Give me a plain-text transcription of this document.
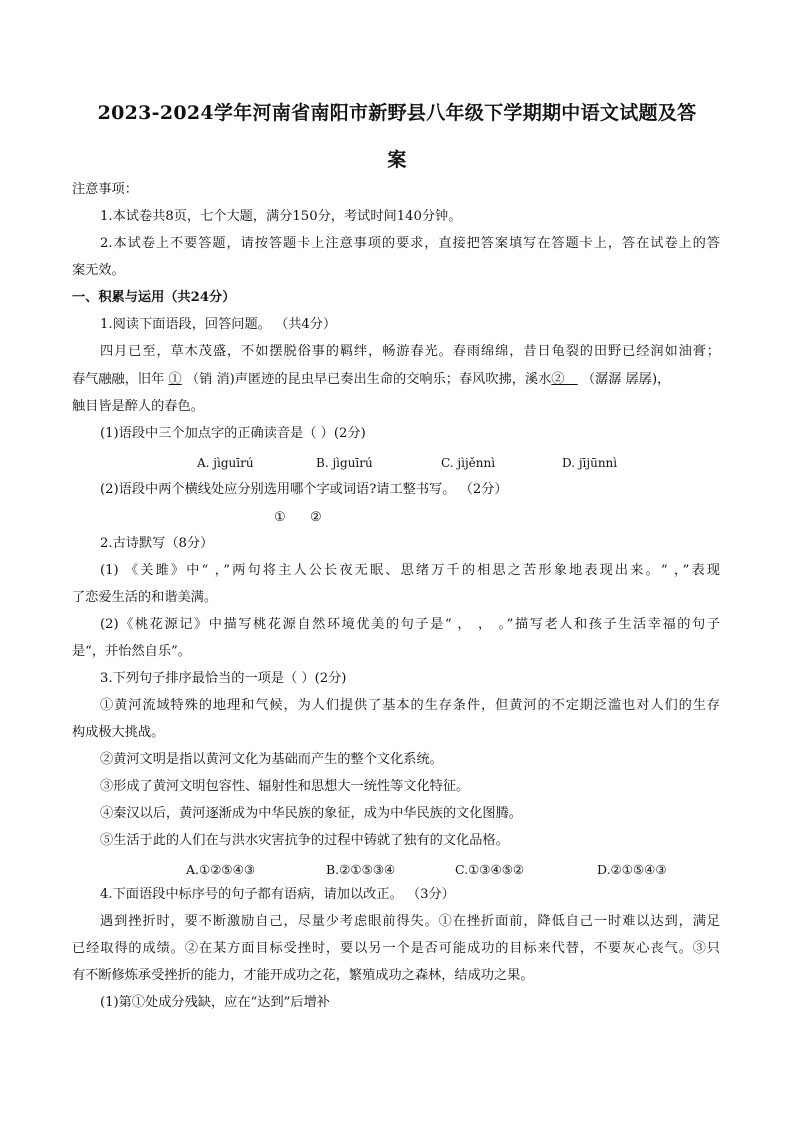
2023-2024学年河南省南阳市新野县八年级下学期期中语文试题及答
案
注意事项：
1.本试卷共8页，七个大题，满分150分，考试时间140分钟。
2.本试卷上不要答题，请按答题卡上注意事项的要求，直接把答案填写在答题卡上，答在试卷上的答
案无效。
一、积累与运用（共24分）
1.阅读下面语段，回答问题。 （共4分）
四月已至，草木茂盛，不如摆脱俗事的羁绊，畅游春光。春雨绵绵，昔日龟裂的田野已经润如油膏；
春气融融，旧年 ① （销 消)声匿迹的昆虫早已奏出生命的交响乐；春风吹拂，溪水②  （潺潺 孱孱)，
触目皆是醉人的春色。
(1)语段中三个加点字的正确读音是（ ）(2分)
A. jìguīrú	B. jìguīrú	C. jìjěnnì	D. jījūnnì
(2)语段中两个横线处应分别选用哪个字或词语?请工整书写。 （2分）
① ②
2.古诗默写（8分）
(1) 《关雎》中“ ，”两句将主人公长夜无眠、思绪万千的相思之苦形象地表现出来。“ ，”表现
了恋爱生活的和谐美满。
(2)《桃花源记》中描写桃花源自然环境优美的句子是“ ， ， 。”描写老人和孩子生活幸福的句子
是“，并怡然自乐”。
3.下列句子排序最恰当的一项是（ ）(2分)
①黄河流域特殊的地理和气候，为人们提供了基本的生存条件，但黄河的不定期泛滥也对人们的生存
构成极大挑战。
②黄河文明是指以黄河文化为基础而产生的整个文化系统。
③形成了黄河文明包容性、辐射性和思想大一统性等文化特征。
④秦汉以后，黄河逐渐成为中华民族的象征，成为中华民族的文化图腾。
⑤生活于此的人们在与洪水灾害抗争的过程中铸就了独有的文化品格。
A.①②⑤④③	B.②①⑤③④	C.①③④⑤②	D.②①⑤④③
4.下面语段中标序号的句子都有语病，请加以改正。 （3分）
遇到挫折时，要不断激励自己，尽量少考虑眼前得失。①在挫折面前，降低自己一时难以达到，满足
已经取得的成绩。②在某方面目标受挫时，要以另一个是否可能成功的目标来代替，不要灰心丧气。③只
有不断修炼承受挫折的能力，才能开成功之花，繁殖成功之森林，结成功之果。
(1)第①处成分残缺，应在“达到”后增补
